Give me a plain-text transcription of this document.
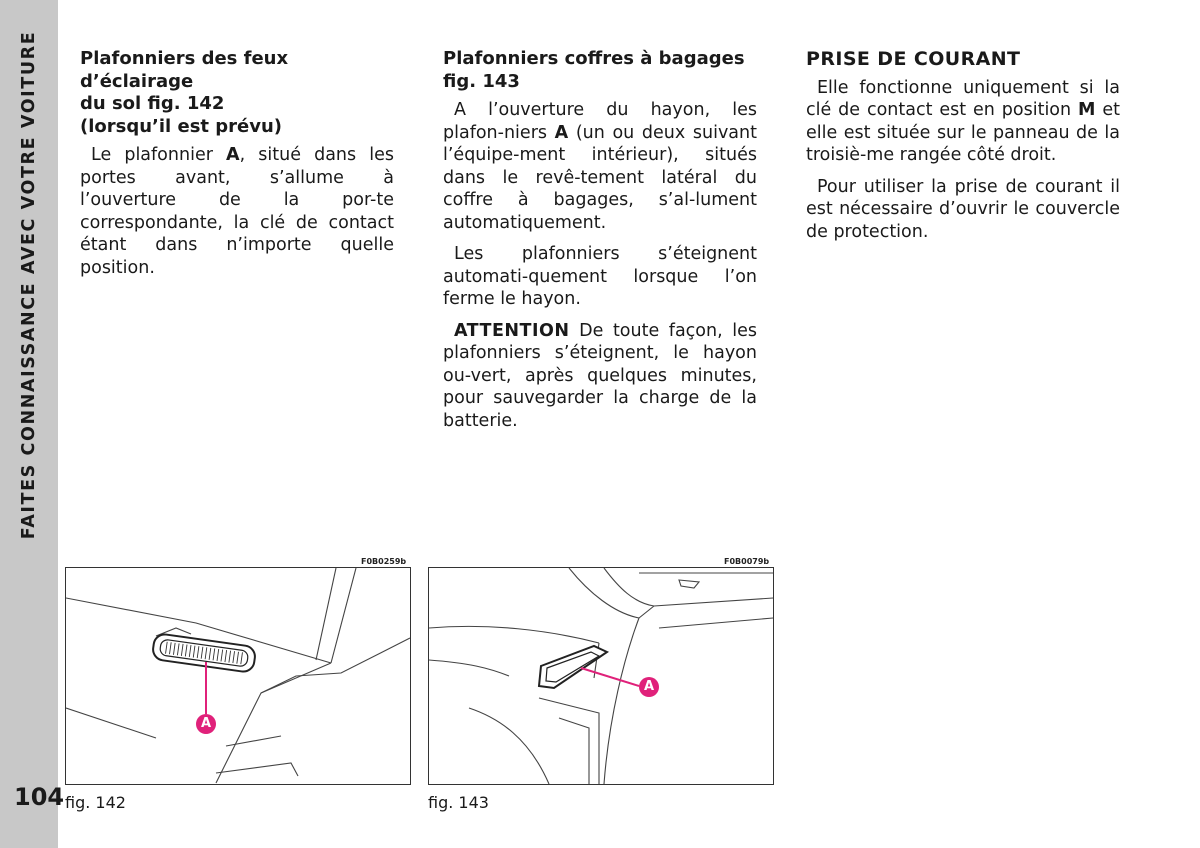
FAITES CONNAISSANCE AVEC VOTRE VOITURE
104
Plafonniers des feux d’éclairage
du sol fig. 142
(lorsqu’il est prévu)

Le plafonnier A, situé dans les portes avant, s’allume à l’ouverture de la por-te correspondante, la clé de contact étant dans n’importe quelle position.

Plafonniers coffres à bagages
fig. 143

A l’ouverture du hayon, les plafon-niers A (un ou deux suivant l’équipe-ment intérieur), situés dans le revê-tement latéral du coffre à bagages, s’al-lument automatiquement.

Les plafonniers s’éteignent automati-quement lorsque l’on ferme le hayon.

ATTENTION De toute façon, les plafonniers s’éteignent, le hayon ou-vert, après quelques minutes, pour sauvegarder la charge de la batterie.

PRISE DE COURANT

Elle fonctionne uniquement si la clé de contact est en position M et elle est située sur le panneau de la troisiè-me rangée côté droit.

Pour utiliser la prise de courant il est nécessaire d’ouvrir le couvercle de protection.

F0B0259b
A
fig. 142
F0B0079b
A
fig. 143
